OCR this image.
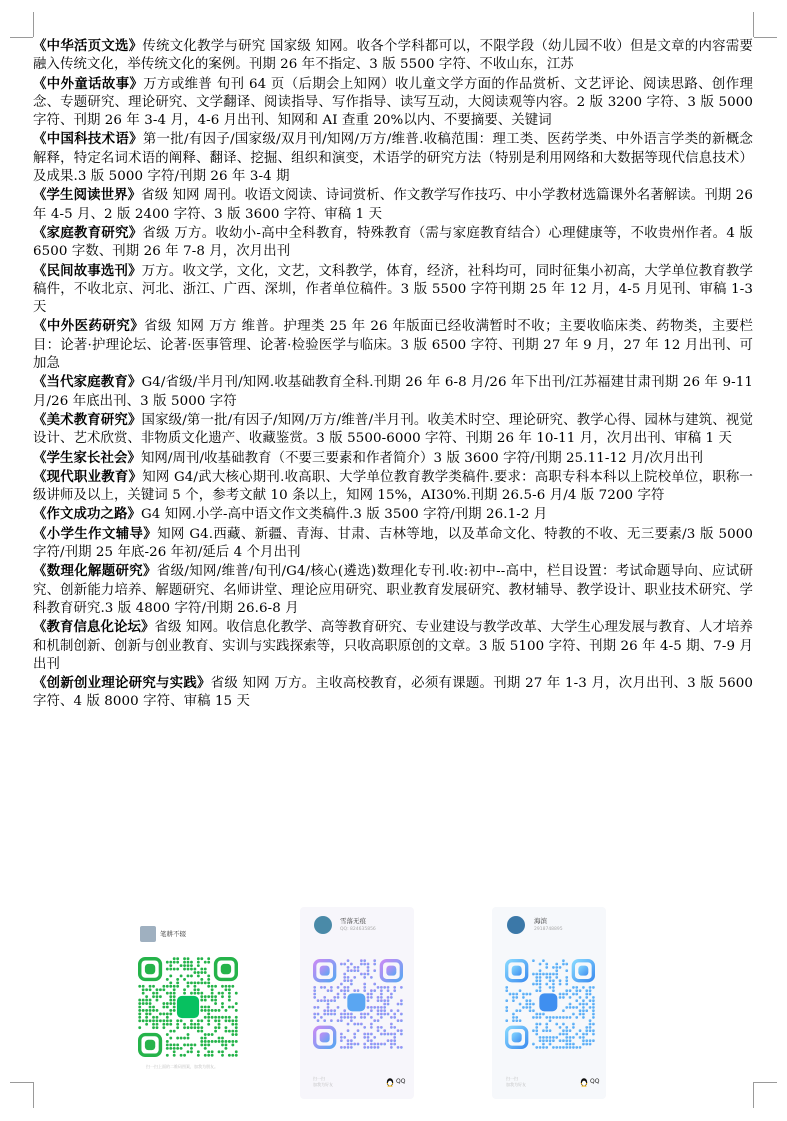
《中华活页文选》传统文化教学与研究 国家级 知网。收各个学科都可以，不限学段（幼儿园不收）但是文章的内容需要融入传统文化，举传统文化的案例。刊期 26 年不指定、3 版 5500 字符、不收山东，江苏
《中外童话故事》万方或维普 旬刊 64 页（后期会上知网）收儿童文学方面的作品赏析、文艺评论、阅读思路、创作理念、专题研究、理论研究、文学翻译、阅读指导、写作指导、读写互动，大阅读观等内容。2 版 3200 字符、3 版 5000 字符、刊期 26 年 3-4 月，4-6 月出刊、知网和 AI 查重 20%以内、不要摘要、关键词
《中国科技术语》第一批/有因子/国家级/双月刊/知网/万方/维普.收稿范围：理工类、医药学类、中外语言学类的新概念解释，特定名词术语的阐释、翻译、挖掘、组织和演变，术语学的研究方法（特别是利用网络和大数据等现代信息技术）及成果.3 版 5000 字符/刊期 26 年 3-4 期
《学生阅读世界》省级 知网 周刊。收语文阅读、诗词赏析、作文教学写作技巧、中小学教材选篇课外名著解读。刊期 26 年 4-5 月、2 版 2400 字符、3 版 3600 字符、审稿 1 天
《家庭教育研究》省级 万方。收幼小-高中全科教育，特殊教育（需与家庭教育结合）心理健康等，不收贵州作者。4 版 6500 字数、刊期 26 年 7-8 月，次月出刊
《民间故事选刊》万方。收文学，文化，文艺，文科教学，体育，经济，社科均可，同时征集小初高，大学单位教育教学稿件，不收北京、河北、浙江、广西、深圳，作者单位稿件。3 版 5500 字符刊期 25 年 12 月，4-5 月见刊、审稿 1-3 天
《中外医药研究》省级 知网 万方 维普。护理类 25 年 26 年版面已经收满暂时不收；主要收临床类、药物类，主要栏目：论著·护理论坛、论著·医事管理、论著·检验医学与临床。3 版 6500 字符、刊期 27 年 9 月，27 年 12 月出刊、可加急
《当代家庭教育》G4/省级/半月刊/知网.收基础教育全科.刊期 26 年 6-8 月/26 年下出刊/江苏福建甘肃刊期 26 年 9-11 月/26 年底出刊、3 版 5000 字符
《美术教育研究》国家级/第一批/有因子/知网/万方/维普/半月刊。收美术时空、理论研究、教学心得、园林与建筑、视觉设计、艺术欣赏、非物质文化遗产、收藏鉴赏。3 版 5500-6000 字符、刊期 26 年 10-11 月，次月出刊、审稿 1 天
《学生家长社会》知网/周刊/收基础教育（不要三要素和作者简介）3 版 3600 字符/刊期 25.11-12 月/次月出刊
《现代职业教育》知网 G4/武大核心期刊.收高职、大学单位教育教学类稿件.要求：高职专科本科以上院校单位，职称一级讲师及以上，关键词 5 个，参考文献 10 条以上，知网 15%，AI30%.刊期 26.5-6 月/4 版 7200 字符
《作文成功之路》G4 知网.小学-高中语文作文类稿件.3 版 3500 字符/刊期 26.1-2 月
《小学生作文辅导》知网 G4.西藏、新疆、青海、甘肃、吉林等地，以及革命文化、特教的不收、无三要素/3 版 5000 字符/刊期 25 年底-26 年初/延后 4 个月出刊
《数理化解题研究》省级/知网/维普/旬刊/G4/核心(遴选)数理化专刊.收:初中--高中，栏目设置：考试命题导向、应试研究、创新能力培养、解题研究、名师讲堂、理论应用研究、职业教育发展研究、教材辅导、教学设计、职业技术研究、学科教育研究.3 版 4800 字符/刊期 26.6-8 月
《教育信息化论坛》省级 知网。收信息化教学、高等教育研究、专业建设与教学改革、大学生心理发展与教育、人才培养和机制创新、创新与创业教育、实训与实践探索等，只收高职原创的文章。3 版 5100 字符、刊期 26 年 4-5 期、7-9 月出刊
《创新创业理论研究与实践》省级 知网 万方。主收高校教育，必须有课题。刊期 27 年 1-3 月，次月出刊、3 版 5600 字符、4 版 8000 字符、审稿 15 天
笔耕不辍
扫一扫上面的二维码图案，加我为朋友。
雪落无痕
QQ: 824635856
扫一扫
加我为好友	QQ
海滨
2918748895
扫一扫
加我为好友	QQ
